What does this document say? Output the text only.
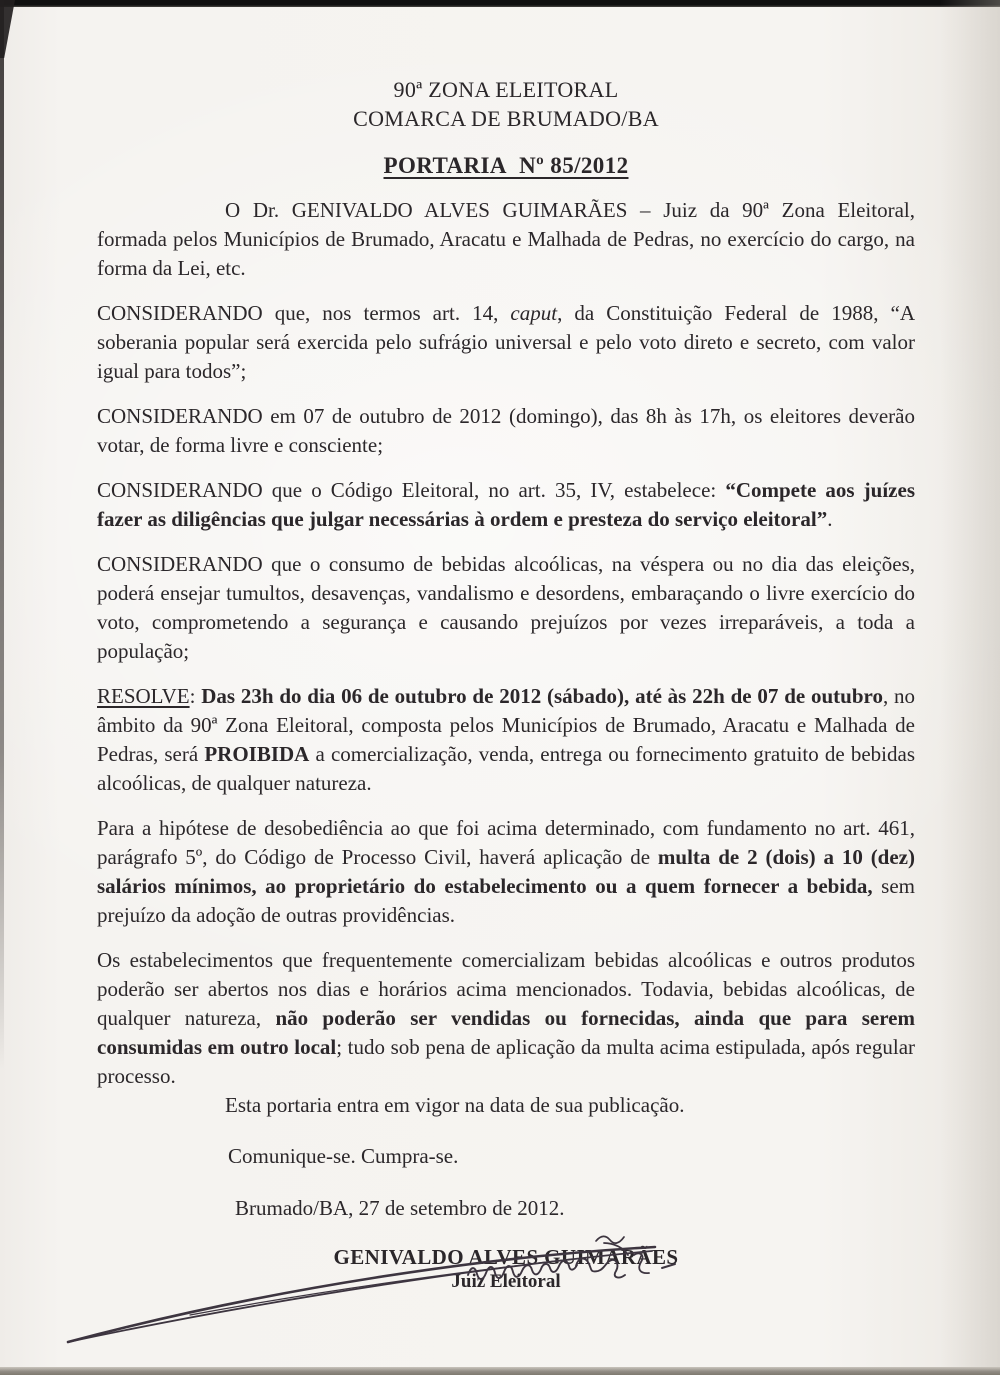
90ª ZONA ELEITORAL
COMARCA DE BRUMADO/BA
PORTARIA  Nº 85/2012

O Dr. GENIVALDO ALVES GUIMARÃES – Juiz da 90ª Zona Eleitoral, formada pelos Municípios de Brumado, Aracatu e Malhada de Pedras, no exercício do cargo, na forma da Lei, etc.

CONSIDERANDO que, nos termos art. 14, caput, da Constituição Federal de 1988, “A soberania popular será exercida pelo sufrágio universal e pelo voto direto e secreto, com valor igual para todos”;

CONSIDERANDO em 07 de outubro de 2012 (domingo), das 8h às 17h, os eleitores deverão votar, de forma livre e consciente;

CONSIDERANDO que o Código Eleitoral, no art. 35, IV, estabelece: “Compete aos juízes fazer as diligências que julgar necessárias à ordem e presteza do serviço eleitoral”.

CONSIDERANDO que o consumo de bebidas alcoólicas, na véspera ou no dia das eleições, poderá ensejar tumultos, desavenças, vandalismo e desordens, embaraçando o livre exercício do voto, comprometendo a segurança e causando prejuízos por vezes irreparáveis, a toda a população;

RESOLVE: Das 23h do dia 06 de outubro de 2012 (sábado), até às 22h de 07 de outubro, no âmbito da 90ª Zona Eleitoral, composta pelos Municípios de Brumado, Aracatu e Malhada de Pedras, será PROIBIDA a comercialização, venda, entrega ou fornecimento gratuito de bebidas alcoólicas, de qualquer natureza.

Para a hipótese de desobediência ao que foi acima determinado, com fundamento no art. 461, parágrafo 5º, do Código de Processo Civil, haverá aplicação de multa de 2 (dois) a 10 (dez) salários mínimos, ao proprietário do estabelecimento ou a quem fornecer a bebida, sem prejuízo da adoção de outras providências.

Os estabelecimentos que frequentemente comercializam bebidas alcoólicas e outros produtos poderão ser abertos nos dias e horários acima mencionados. Todavia, bebidas alcoólicas, de qualquer natureza, não poderão ser vendidas ou fornecidas, ainda que para serem consumidas em outro local; tudo sob pena de aplicação da multa acima estipulada, após regular processo.

Esta portaria entra em vigor na data de sua publicação.
Comunique-se. Cumpra-se.
Brumado/BA, 27 de setembro de 2012.
GENIVALDO ALVES GUIMARÃES
Juiz Eleitoral
